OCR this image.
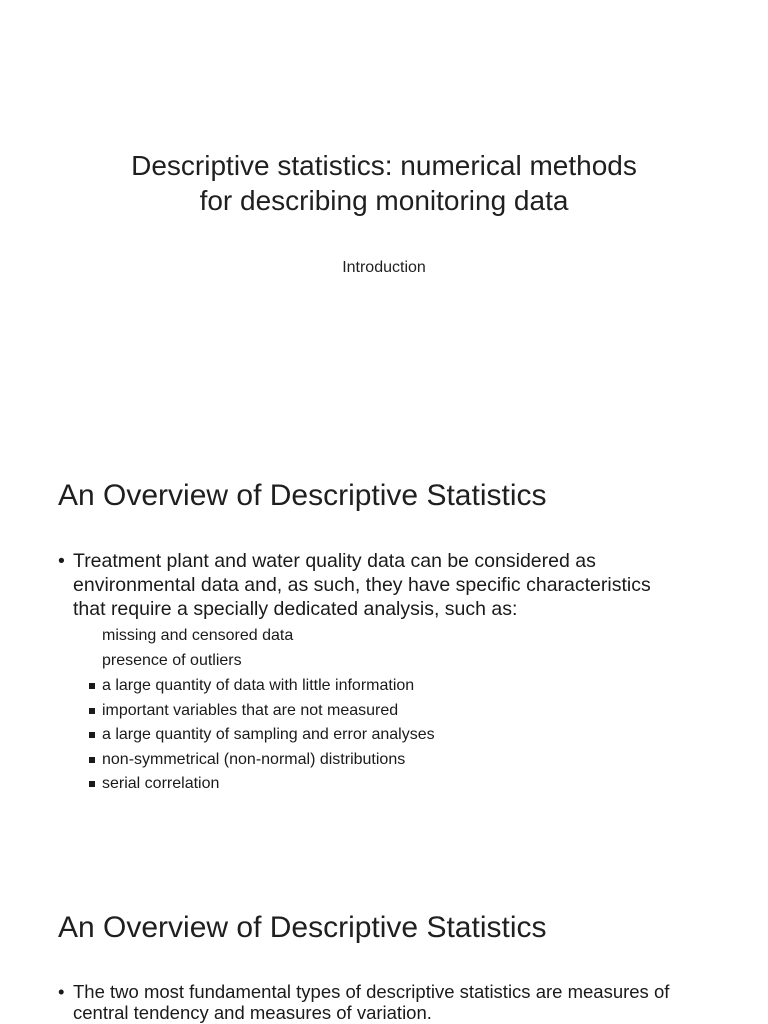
Descriptive statistics: numerical methods
for describing monitoring data
Introduction
An Overview of Descriptive Statistics
• Treatment plant and water quality data can be considered as
environmental data and, as such, they have specific characteristics
that require a specially dedicated analysis, such as:
missing and censored data
presence of outliers
a large quantity of data with little information
important variables that are not measured
a large quantity of sampling and error analyses
non-symmetrical (non-normal) distributions
serial correlation
An Overview of Descriptive Statistics
• The two most fundamental types of descriptive statistics are measures of
central tendency and measures of variation.
